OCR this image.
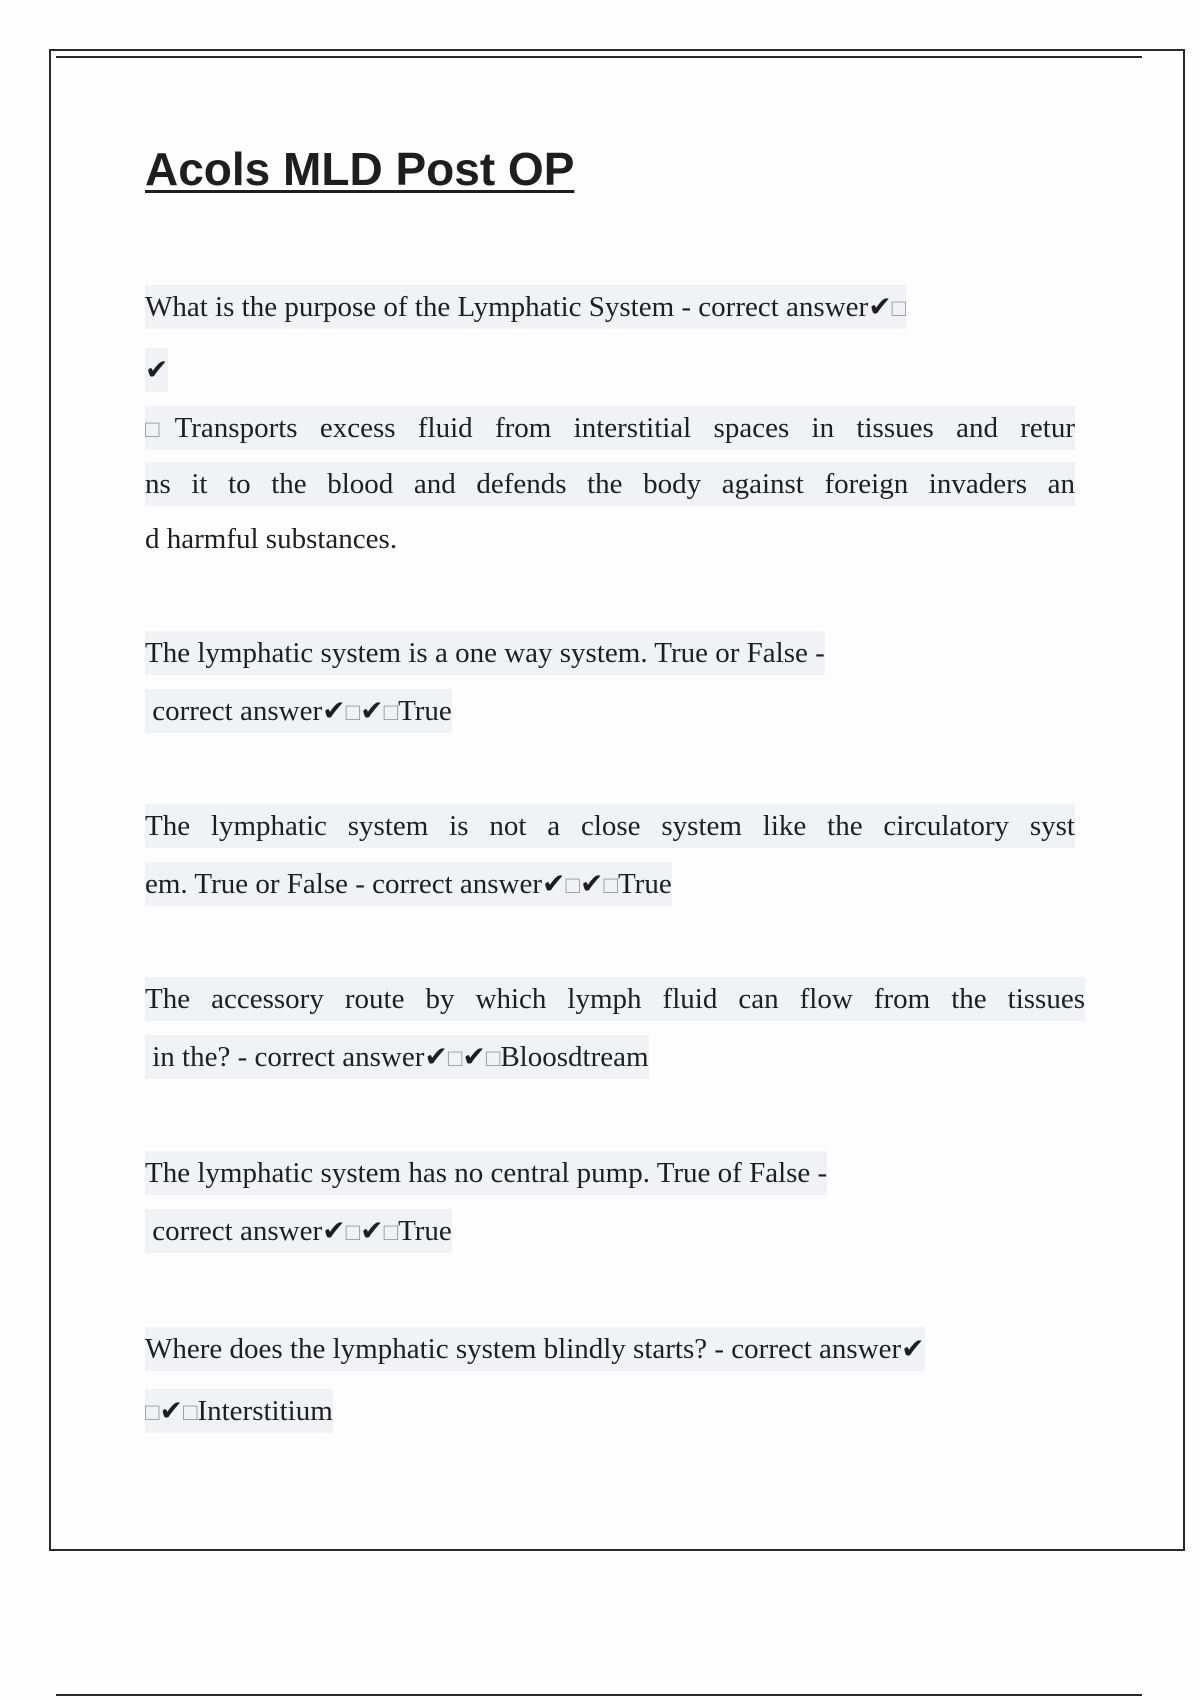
Acols MLD Post OP
What is the purpose of the Lymphatic System - correct answer✔□
✔
□Transports excess fluid from interstitial spaces in tissues and retur
ns it to the blood and defends the body against foreign invaders an
d harmful substances.
The lymphatic system is a one way system. True or False -
correct answer✔□✔□True
The lymphatic system is not a close system like the circulatory syst
em. True or False - correct answer✔□✔□True
The accessory route by which lymph fluid can flow from the tissues
in the? - correct answer✔□✔□Bloosdtream
The lymphatic system has no central pump. True of False -
correct answer✔□✔□True
Where does the lymphatic system blindly starts? - correct answer✔
□✔□Interstitium
